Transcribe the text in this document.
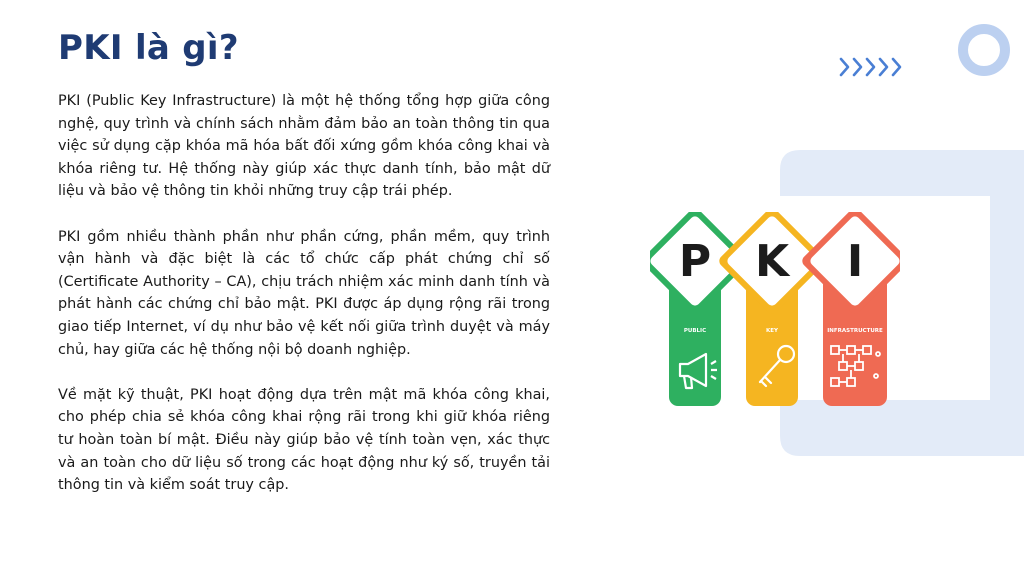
PKI là gì?

PKI (Public Key Infrastructure) là một hệ thống tổng hợp giữa công nghệ, quy trình và chính sách nhằm đảm bảo an toàn thông tin qua việc sử dụng cặp khóa mã hóa bất đối xứng gồm khóa công khai và khóa riêng tư. Hệ thống này giúp xác thực danh tính, bảo mật dữ liệu và bảo vệ thông tin khỏi những truy cập trái phép.

PKI gồm nhiều thành phần như phần cứng, phần mềm, quy trình vận hành và đặc biệt là các tổ chức cấp phát chứng chỉ số (Certificate Authority – CA), chịu trách nhiệm xác minh danh tính và phát hành các chứng chỉ bảo mật. PKI được áp dụng rộng rãi trong giao tiếp Internet, ví dụ như bảo vệ kết nối giữa trình duyệt và máy chủ, hay giữa các hệ thống nội bộ doanh nghiệp.

Về mặt kỹ thuật, PKI hoạt động dựa trên mật mã khóa công khai, cho phép chia sẻ khóa công khai rộng rãi trong khi giữ khóa riêng tư hoàn toàn bí mật. Điều này giúp bảo vệ tính toàn vẹn, xác thực và an toàn cho dữ liệu số trong các hoạt động như ký số, truyền tải thông tin và kiểm soát truy cập.

P
PUBLIC
K
KEY
I
INFRASTRUCTURE
